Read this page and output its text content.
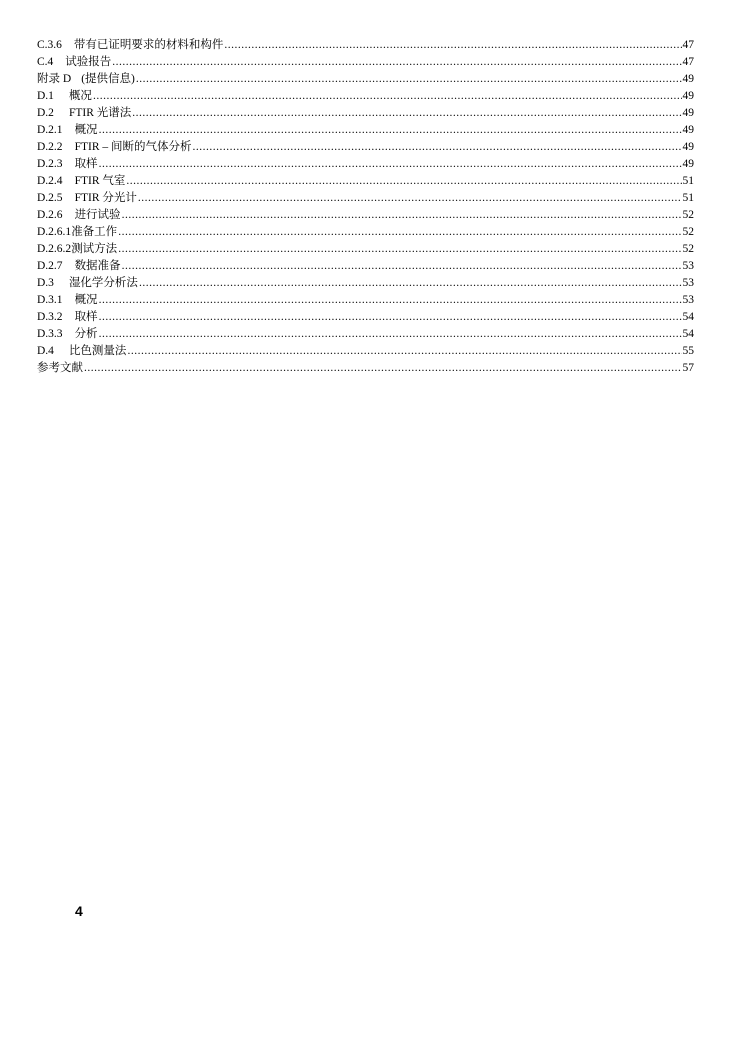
C.3.6 带有已证明要求的材料和构件 .....	47
C.4 试验报告 .....	47
附录 D (提供信息) .....	49
D.1 概况 .....	49
D.2 FTIR 光谱法 .....	49
D.2.1 概况 .....	49
D.2.2 FTIR – 间断的气体分析 .....	49
D.2.3 取样 .....	49
D.2.4 FTIR 气室 .....	51
D.2.5 FTIR 分光计 .....	51
D.2.6 进行试验 .....	52
D.2.6.1 准备工作 .....	52
D.2.6.2 测试方法 .....	52
D.2.7 数据准备 .....	53
D.3 湿化学分析法 .....	53
D.3.1 概况 .....	53
D.3.2 取样 .....	54
D.3.3 分析 .....	54
D.4 比色测量法 .....	55
参考文献 .....	57
4
